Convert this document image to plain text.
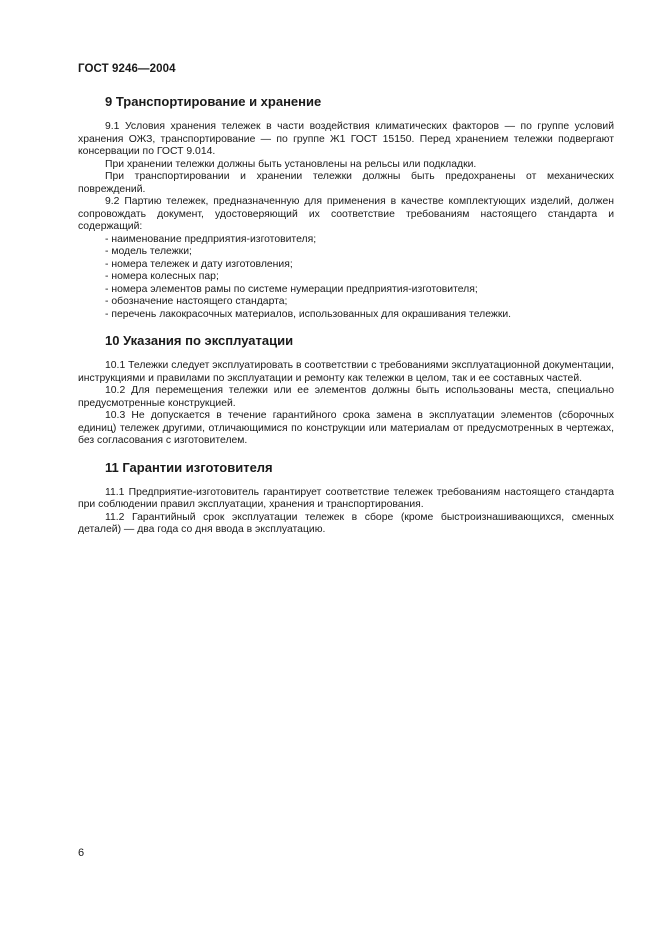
ГОСТ 9246—2004
9 Транспортирование и хранение

9.1 Условия хранения тележек в части воздействия климатических факторов — по группе условий хранения ОЖЗ, транспортирование — по группе Ж1 ГОСТ 15150. Перед хранением тележки подвергают консервации по ГОСТ 9.014.

При хранении тележки должны быть установлены на рельсы или подкладки.

При транспортировании и хранении тележки должны быть предохранены от механических повреждений.

9.2 Партию тележек, предназначенную для применения в качестве комплектующих изделий, должен сопровождать документ, удостоверяющий их соответствие требованиям настоящего стандарта и содержащий:

- наименование предприятия-изготовителя;

- модель тележки;

- номера тележек и дату изготовления;

- номера колесных пар;

- номера элементов рамы по системе нумерации предприятия-изготовителя;

- обозначение настоящего стандарта;

- перечень лакокрасочных материалов, использованных для окрашивания тележки.

10 Указания по эксплуатации

10.1 Тележки следует эксплуатировать в соответствии с требованиями эксплуатационной документации, инструкциями и правилами по эксплуатации и ремонту как тележки в целом, так и ее составных частей.

10.2 Для перемещения тележки или ее элементов должны быть использованы места, специально предусмотренные конструкцией.

10.3 Не допускается в течение гарантийного срока замена в эксплуатации элементов (сборочных единиц) тележек другими, отличающимися по конструкции или материалам от предусмотренных в чертежах, без согласования с изготовителем.

11 Гарантии изготовителя

11.1 Предприятие-изготовитель гарантирует соответствие тележек требованиям настоящего стандарта при соблюдении правил эксплуатации, хранения и транспортирования.

11.2 Гарантийный срок эксплуатации тележек в сборе (кроме быстроизнашивающихся, сменных деталей) — два года со дня ввода в эксплуатацию.

6
